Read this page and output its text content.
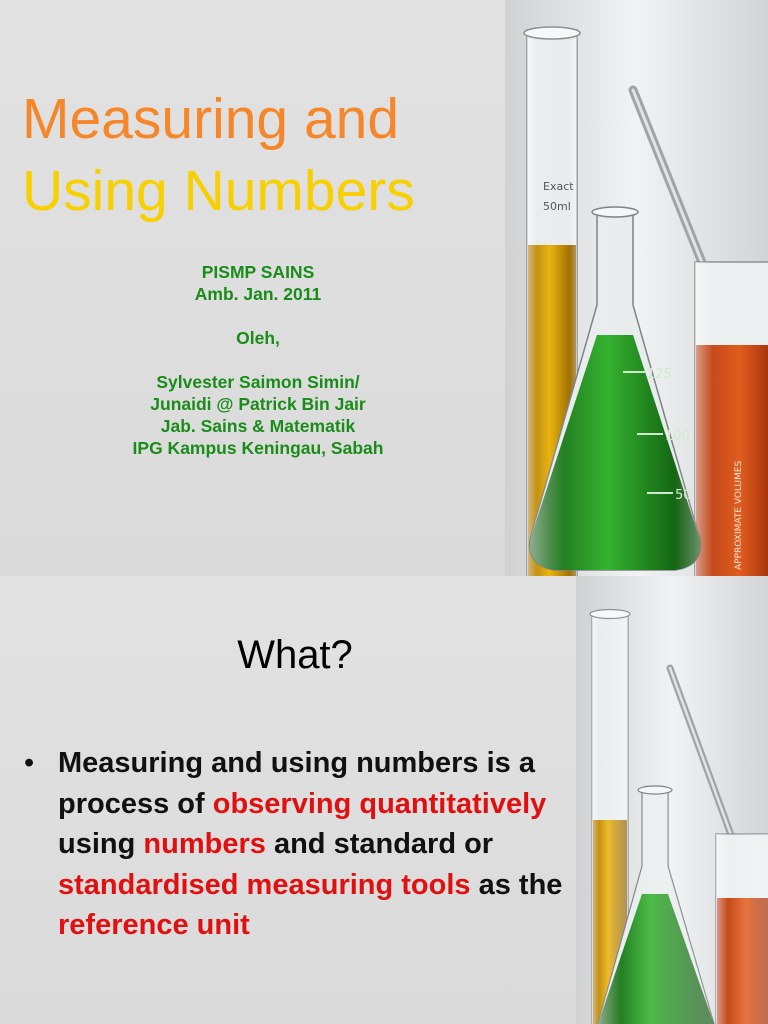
Measuring and
Using Numbers
PISMP SAINS
Amb. Jan. 2011
Oleh,
Sylvester Saimon Simin/
Junaidi @ Patrick Bin Jair
Jab. Sains & Matematik
IPG Kampus Keningau, Sabah
Exact
50ml
APPROXIMATE VOLUMES
125
100
50
What?
• Measuring and using numbers is a process of observing quantitatively using numbers and standard or standardised measuring tools as the reference unit
